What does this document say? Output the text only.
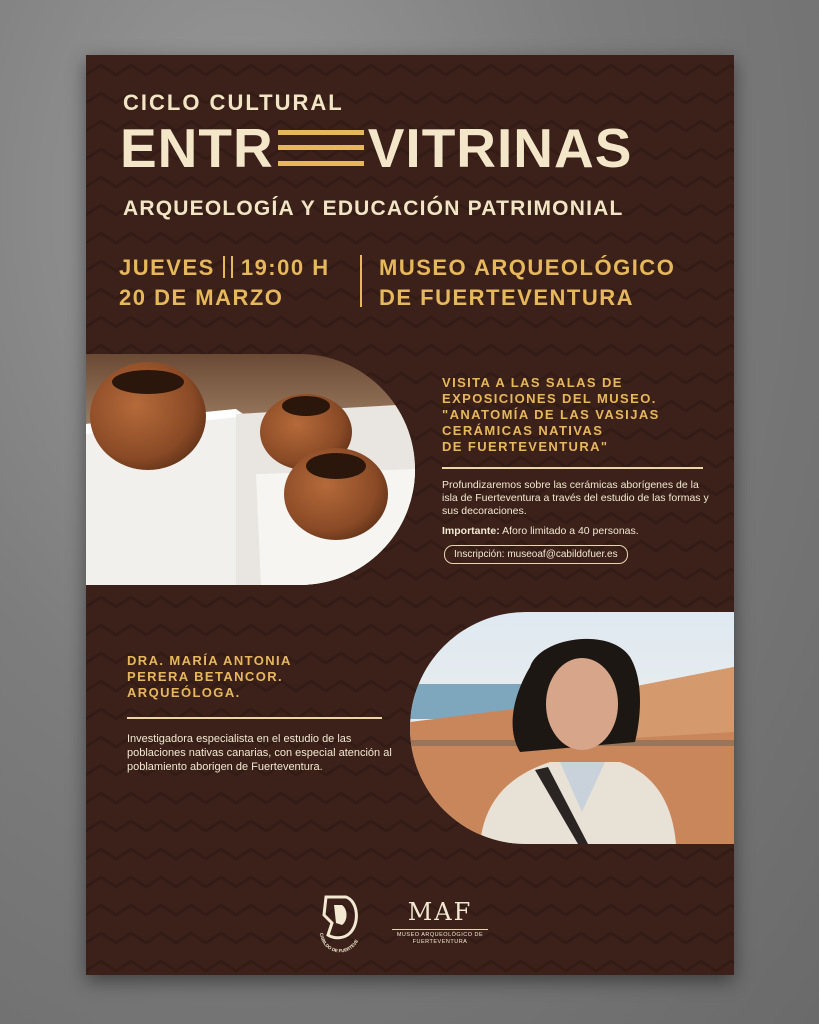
CICLO CULTURAL
ENTR VITRINAS
ARQUEOLOGÍA Y EDUCACIÓN PATRIMONIAL
JUEVES 19:00 H
20 DE MARZO
MUSEO ARQUEOLÓGICO
DE FUERTEVENTURA
VISITA A LAS SALAS DE
EXPOSICIONES DEL MUSEO.
"ANATOMÍA DE LAS VASIJAS
CERÁMICAS NATIVAS
DE FUERTEVENTURA"
Profundizaremos sobre las cerámicas aborígenes de la isla de Fuerteventura a través del estudio de las formas y sus decoraciones.
Importante: Aforo limitado a 40 personas.
Inscripción: museoaf@cabildofuer.es
DRA. MARÍA ANTONIA
PERERA BETANCOR.
ARQUEÓLOGA.
Investigadora especialista en el estudio de las poblaciones nativas canarias, con especial atención al poblamiento aborigen de Fuerteventura.
CABILDO DE FUERTEVE
MAF
MUSEO ARQUEOLÓGICO DE
FUERTEVENTURA
